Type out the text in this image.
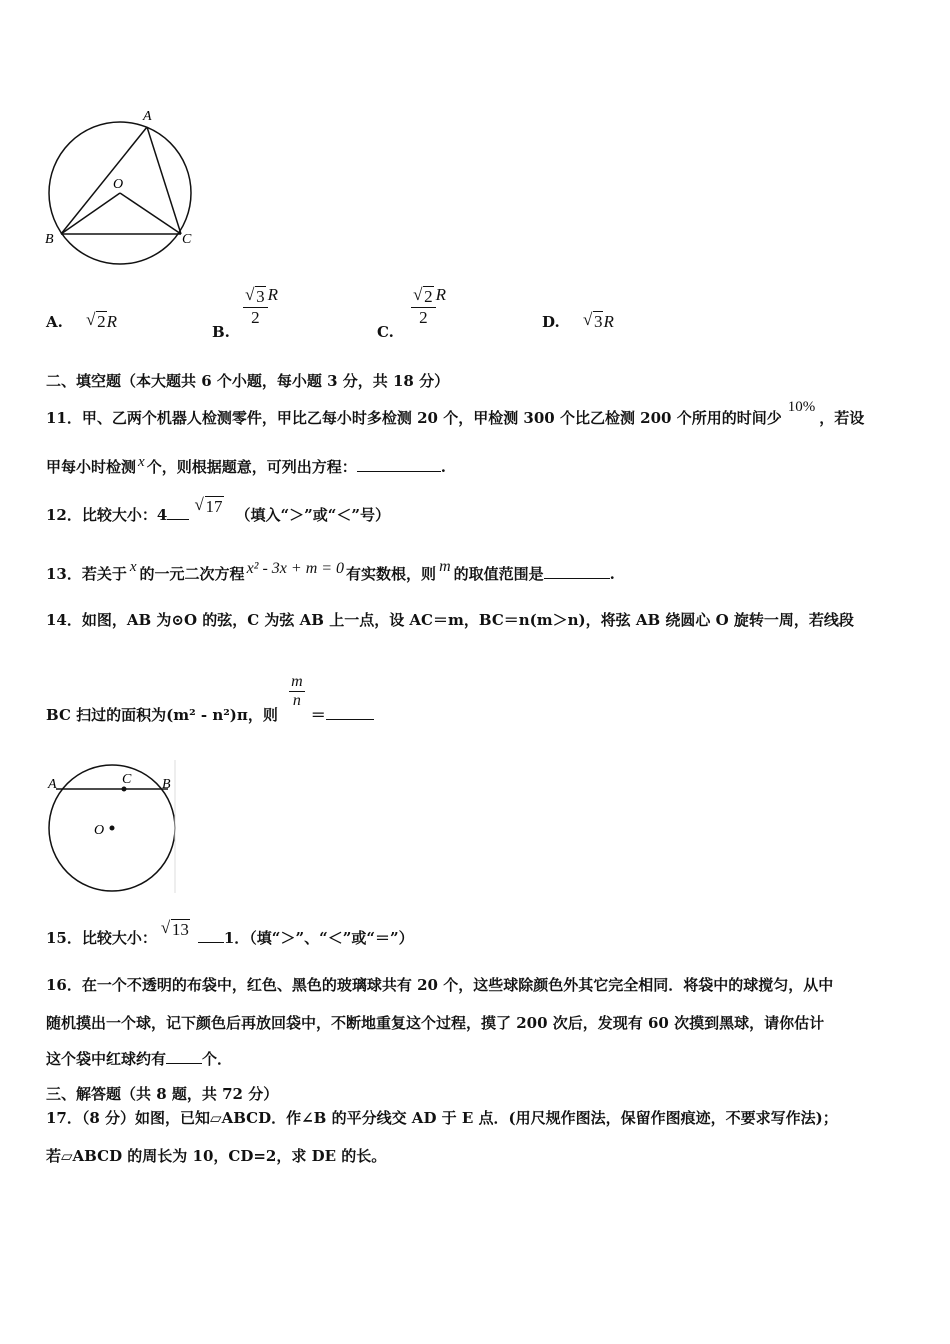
A
O
B	C
A. √ 2R
B.
$\frac{√ 3}{2}$ R
C.
$\frac{√ 2}{2}$ R
D. √ 3R
二、填空题（本大题共 6 个小题，每小题 3 分，共 18 分）
11．甲、乙两个机器人检测零件，甲比乙每小时多检测 20 个，甲检测 300 个比乙检测 200 个所用的时间少10%，若设
甲每小时检测 x 个，则根据题意，可列出方程：	.
12．比较大小：4
√ 17 （填入“＞”或“＜”号）
13．若关于 x 的一元二次方程 x² - 3x + m = 0 有实数根，则 m 的取值范围是	.
14．如图，AB 为⊙O 的弦，C 为弦 AB 上一点，设 AC＝m，BC＝n(m＞n)，将弦 AB 绕圆心 O 旋转一周，若线段
BC 扫过的面积为(m² - n²)π，则
$\frac{m}{n}$
＝
A	C B
O
15．比较大小：
√ 13 1．（填“＞”、“＜”或“＝”）
16．在一个不透明的布袋中，红色、黑色的玻璃球共有 20 个，这些球除颜色外其它完全相同．将袋中的球搅匀，从中
随机摸出一个球，记下颜色后再放回袋中，不断地重复这个过程，摸了 200 次后，发现有 60 次摸到黑球，请你估计
这个袋中红球约有 个．
三、解答题（共 8 题，共 72 分）
17．（8 分）如图，已知▱ABCD．作∠B 的平分线交 AD 于 E 点．(用尺规作图法，保留作图痕迹，不要求写作法)；
若▱ABCD 的周长为 10，CD=2，求 DE 的长。
